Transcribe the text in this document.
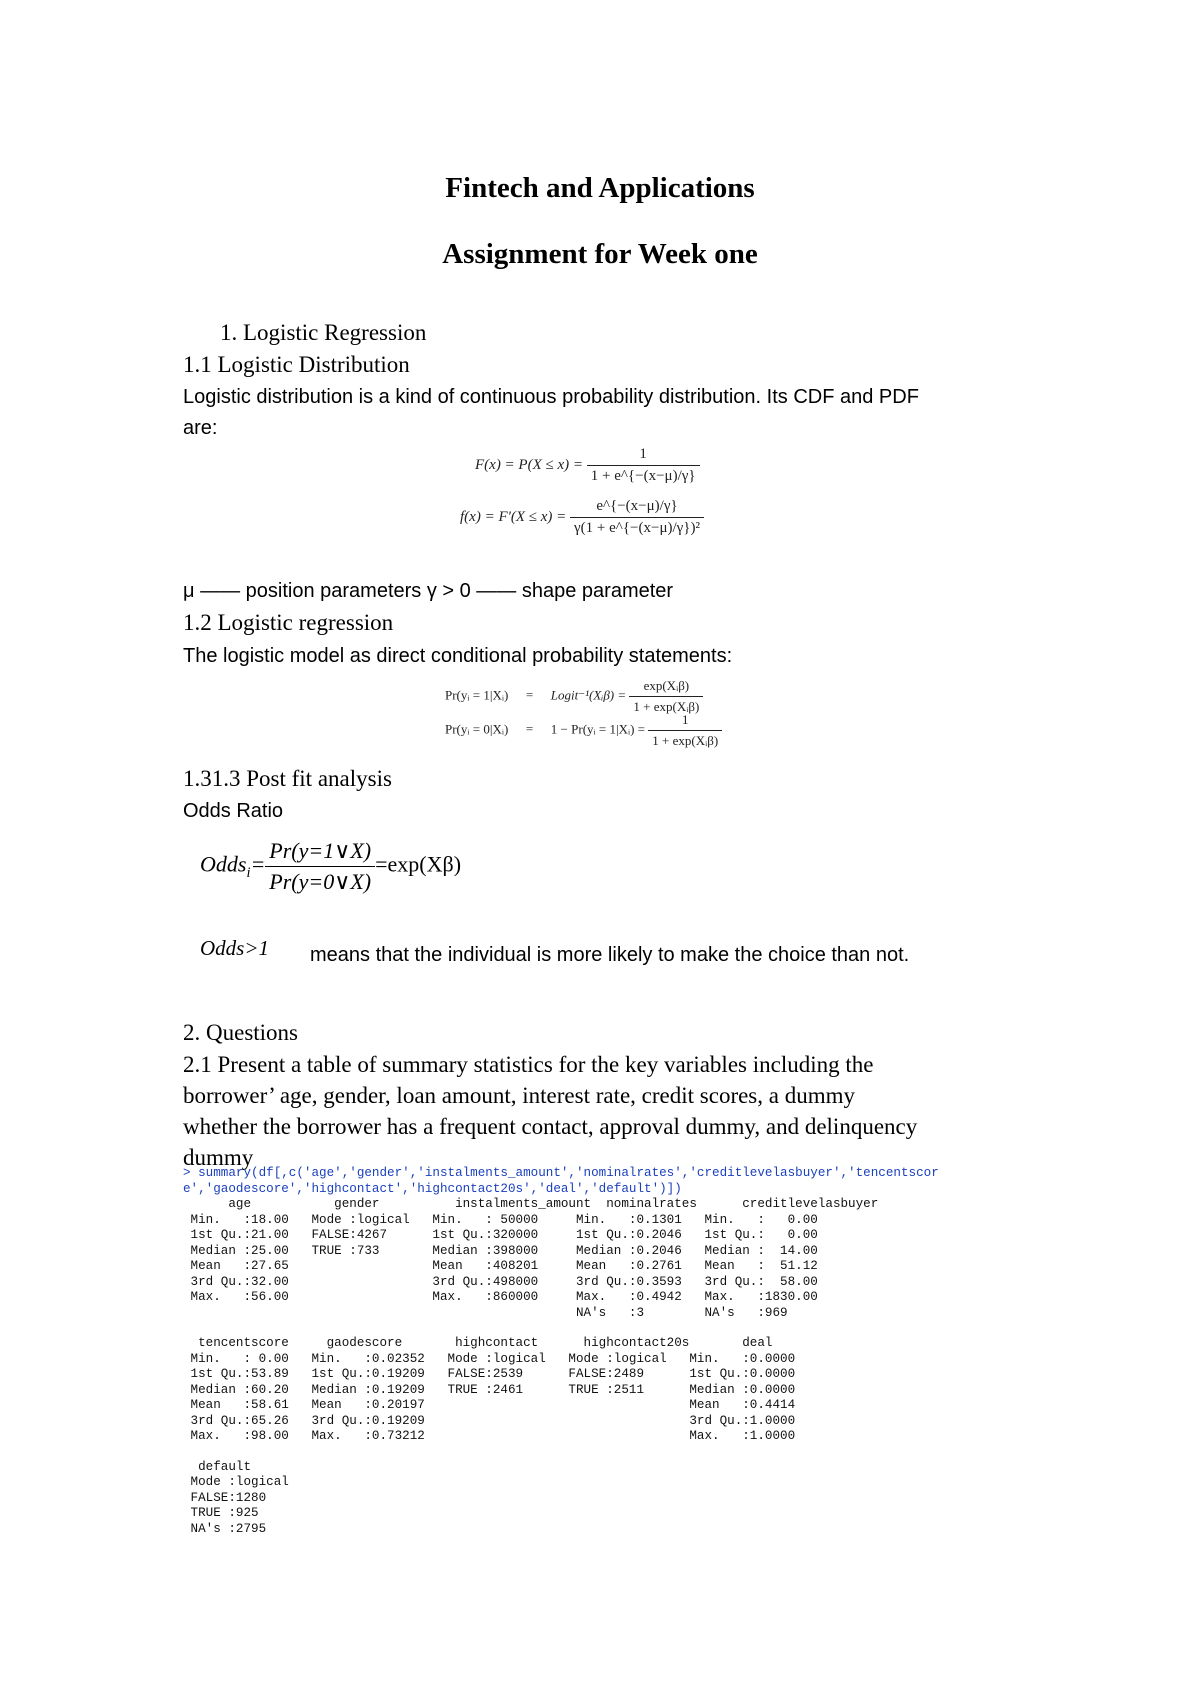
Fintech and Applications
Assignment for Week one
1. Logistic Regression
1.1 Logistic Distribution
Logistic distribution is a kind of continuous probability distribution. Its CDF and PDF
are:
$F(x) = P(X \le x) = \frac{1}{1 + e\^{}\{-(x-\mu)/\gamma\}}$
$f(x) = F'(X \le x) = \frac{e\^{}\{-(x-\mu)/\gamma\}}{\text{γ(1 + e\textasciicircum{}\{−(x−μ)/γ\})²}}$
μ —— position parameters γ > 0 —— shape parameter
1.2 Logistic regression
The logistic model as direct conditional probability statements:
Pr(yᵢ = 1|Xᵢ) = Logit⁻¹(Xᵢβ) = $\frac{\text{exp(Xᵢβ)}}{\text{1 + exp(Xᵢβ)}}$
Pr(yᵢ = 0|Xᵢ) = 1 − Pr(yᵢ = 1|Xᵢ) = $\frac{1}{\text{1 + exp(Xᵢβ)}}$
1.31.3 Post fit analysis
Odds Ratio
Odds$_i$= $\frac{Pr(y=1\vee X)}{Pr(y=0\vee X)} =\exp(X\beta)$
Odds>1 means that the individual is more likely to make the choice than not.
2. Questions
2.1 Present a table of summary statistics for the key variables including the
borrower’ age, gender, loan amount, interest rate, credit scores, a dummy
whether the borrower has a frequent contact, approval dummy, and delinquency
dummy
> summary(df[,c('age','gender','instalments_amount','nominalrates','creditlevelasbuyer','tencentscor
e','gaodescore','highcontact','highcontact20s','deal','default')])
age           gender          instalments_amount  nominalrates      creditlevelasbuyer
Min.   :18.00   Mode :logical   Min.   : 50000     Min.   :0.1301   Min.   :   0.00
1st Qu.:21.00   FALSE:4267      1st Qu.:320000     1st Qu.:0.2046   1st Qu.:   0.00
Median :25.00   TRUE :733       Median :398000     Median :0.2046   Median :  14.00
Mean   :27.65                   Mean   :408201     Mean   :0.2761   Mean   :  51.12
3rd Qu.:32.00                   3rd Qu.:498000     3rd Qu.:0.3593   3rd Qu.:  58.00
Max.   :56.00                   Max.   :860000     Max.   :0.4942   Max.   :1830.00
NA's   :3        NA's   :969
tencentscore     gaodescore       highcontact      highcontact20s       deal
Min.   : 0.00   Min.   :0.02352   Mode :logical   Mode :logical   Min.   :0.0000
1st Qu.:53.89   1st Qu.:0.19209   FALSE:2539      FALSE:2489      1st Qu.:0.0000
Median :60.20   Median :0.19209   TRUE :2461      TRUE :2511      Median :0.0000
Mean   :58.61   Mean   :0.20197                                   Mean   :0.4414
3rd Qu.:65.26   3rd Qu.:0.19209                                   3rd Qu.:1.0000
Max.   :98.00   Max.   :0.73212                                   Max.   :1.0000
default
Mode :logical
FALSE:1280
TRUE :925
NA's :2795
